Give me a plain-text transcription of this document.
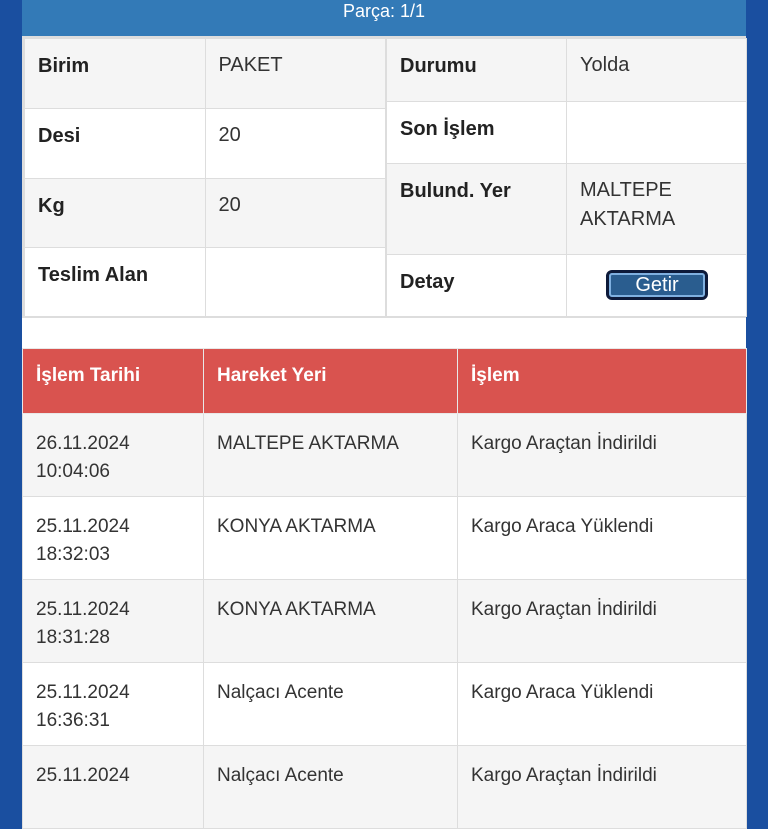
Parça: 1/1
Birim	PAKET
Desi	20
Kg	20
Teslim Alan	
Durumu	Yolda
Son İşlem	
Bulund. Yer	MALTEPE AKTARMA
Detay	Getir
İşlem Tarihi	Hareket Yeri	İşlem

26.11.2024
10:04:06	MALTEPE AKTARMA	Kargo Araçtan İndirildi

25.11.2024
18:32:03	KONYA AKTARMA	Kargo Araca Yüklendi

25.11.2024
18:31:28	KONYA AKTARMA	Kargo Araçtan İndirildi

25.11.2024
16:36:31	Nalçacı Acente	Kargo Araca Yüklendi

25.11.2024	Nalçacı Acente	Kargo Araçtan İndirildi
